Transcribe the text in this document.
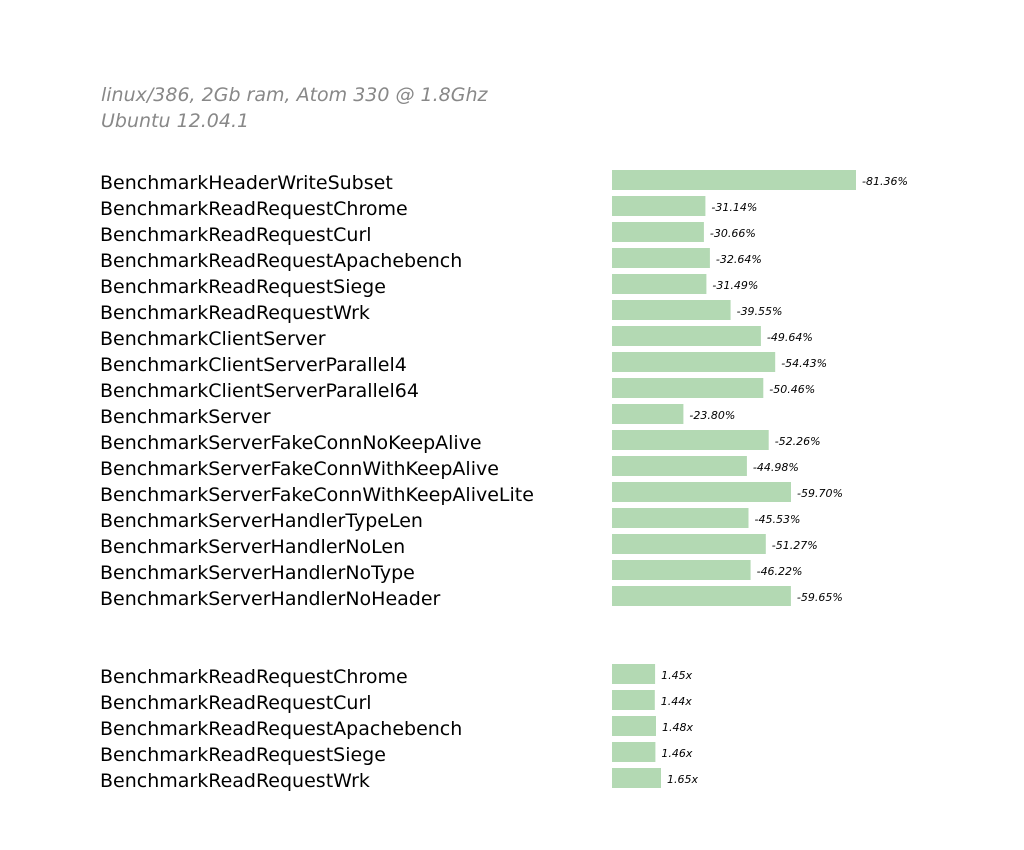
linux/386, 2Gb ram, Atom 330 @ 1.8Ghz
Ubuntu 12.04.1
BenchmarkHeaderWriteSubset	-81.36%
BenchmarkReadRequestChrome	-31.14%
BenchmarkReadRequestCurl	-30.66%
BenchmarkReadRequestApachebench	-32.64%
BenchmarkReadRequestSiege	-31.49%
BenchmarkReadRequestWrk	-39.55%
BenchmarkClientServer	-49.64%
BenchmarkClientServerParallel4	-54.43%
BenchmarkClientServerParallel64	-50.46%
BenchmarkServer	-23.80%
BenchmarkServerFakeConnNoKeepAlive	-52.26%
BenchmarkServerFakeConnWithKeepAlive	-44.98%
BenchmarkServerFakeConnWithKeepAliveLite	-59.70%
BenchmarkServerHandlerTypeLen	-45.53%
BenchmarkServerHandlerNoLen	-51.27%
BenchmarkServerHandlerNoType	-46.22%
BenchmarkServerHandlerNoHeader	-59.65%
BenchmarkReadRequestChrome	1.45x
BenchmarkReadRequestCurl	1.44x
BenchmarkReadRequestApachebench	1.48x
BenchmarkReadRequestSiege	1.46x
BenchmarkReadRequestWrk	1.65x
